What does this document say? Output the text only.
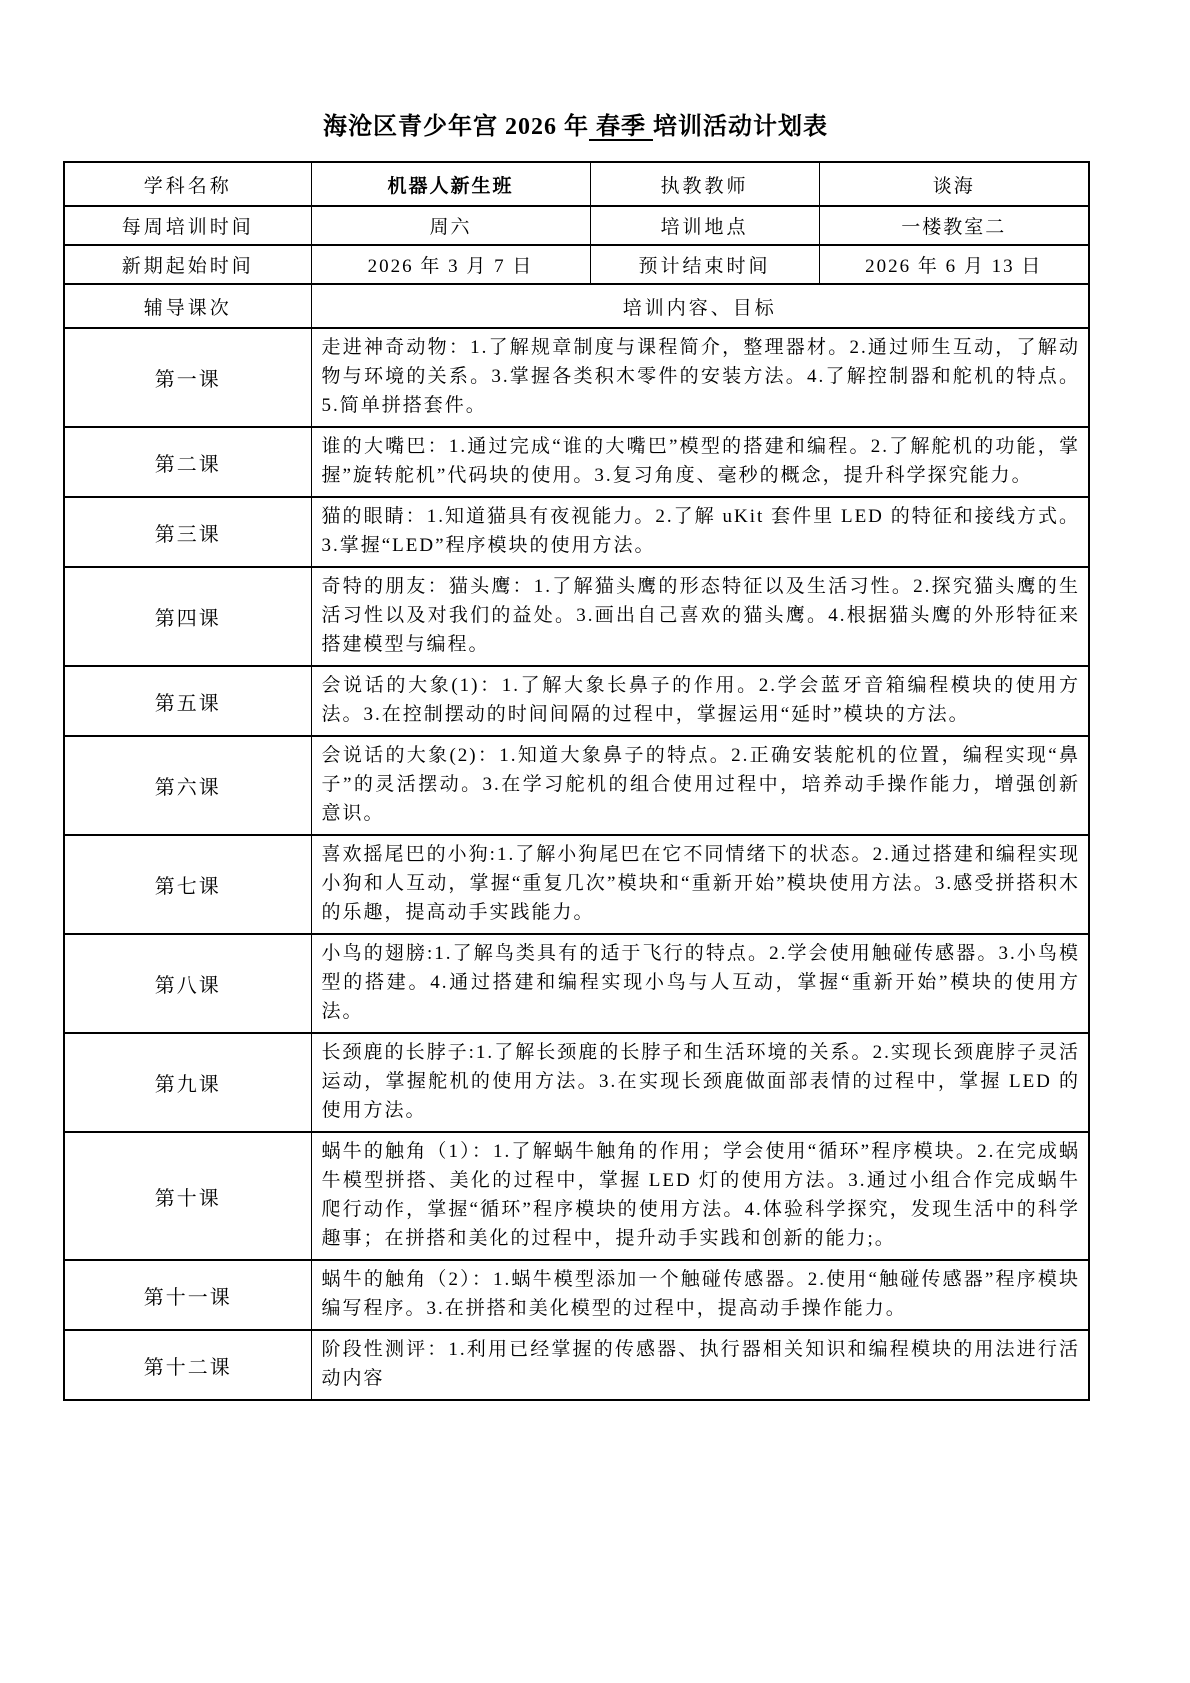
海沧区青少年宫 2026 年 春季 培训活动计划表
学科名称	机器人新生班	执教教师	谈海
每周培训时间	周六	培训地点	一楼教室二
新期起始时间	2026 年 3 月 7 日	预计结束时间	2026 年 6 月 13 日
辅导课次	培训内容、目标		
第一课	走进神奇动物：1.了解规章制度与课程简介，整理器材。2.通过师生互动，了解动物与环境的关系。3.掌握各类积木零件的安装方法。4.了解控制器和舵机的特点。5.简单拼搭套件。		
第二课	谁的大嘴巴：1.通过完成“谁的大嘴巴”模型的搭建和编程。2.了解舵机的功能，掌握”旋转舵机”代码块的使用。3.复习角度、毫秒的概念，提升科学探究能力。		
第三课	猫的眼睛：1.知道猫具有夜视能力。2.了解 uKit 套件里 LED 的特征和接线方式。3.掌握“LED”程序模块的使用方法。		
第四课	奇特的朋友：猫头鹰：1.了解猫头鹰的形态特征以及生活习性。2.探究猫头鹰的生活习性以及对我们的益处。3.画出自己喜欢的猫头鹰。4.根据猫头鹰的外形特征来搭建模型与编程。		
第五课	会说话的大象(1)：1.了解大象长鼻子的作用。2.学会蓝牙音箱编程模块的使用方法。3.在控制摆动的时间间隔的过程中，掌握运用“延时”模块的方法。		
第六课	会说话的大象(2)：1.知道大象鼻子的特点。2.正确安装舵机的位置，编程实现“鼻子”的灵活摆动。3.在学习舵机的组合使用过程中，培养动手操作能力，增强创新意识。		
第七课	喜欢摇尾巴的小狗:1.了解小狗尾巴在它不同情绪下的状态。2.通过搭建和编程实现小狗和人互动，掌握“重复几次”模块和“重新开始”模块使用方法。3.感受拼搭积木的乐趣，提高动手实践能力。		
第八课	小鸟的翅膀:1.了解鸟类具有的适于飞行的特点。2.学会使用触碰传感器。3.小鸟模型的搭建。4.通过搭建和编程实现小鸟与人互动，掌握“重新开始”模块的使用方法。		
第九课	长颈鹿的长脖子:1.了解长颈鹿的长脖子和生活环境的关系。2.实现长颈鹿脖子灵活运动，掌握舵机的使用方法。3.在实现长颈鹿做面部表情的过程中，掌握 LED 的使用方法。		
第十课	蜗牛的触角（1）：1.了解蜗牛触角的作用；学会使用“循环”程序模块。2.在完成蜗牛模型拼搭、美化的过程中，掌握 LED 灯的使用方法。3.通过小组合作完成蜗牛爬行动作，掌握“循环”程序模块的使用方法。4.体验科学探究，发现生活中的科学趣事；在拼搭和美化的过程中，提升动手实践和创新的能力;。		
第十一课	蜗牛的触角（2）：1.蜗牛模型添加一个触碰传感器。2.使用“触碰传感器”程序模块编写程序。3.在拼搭和美化模型的过程中，提高动手操作能力。		
第十二课	阶段性测评：1.利用已经掌握的传感器、执行器相关知识和编程模块的用法进行活动内容		
